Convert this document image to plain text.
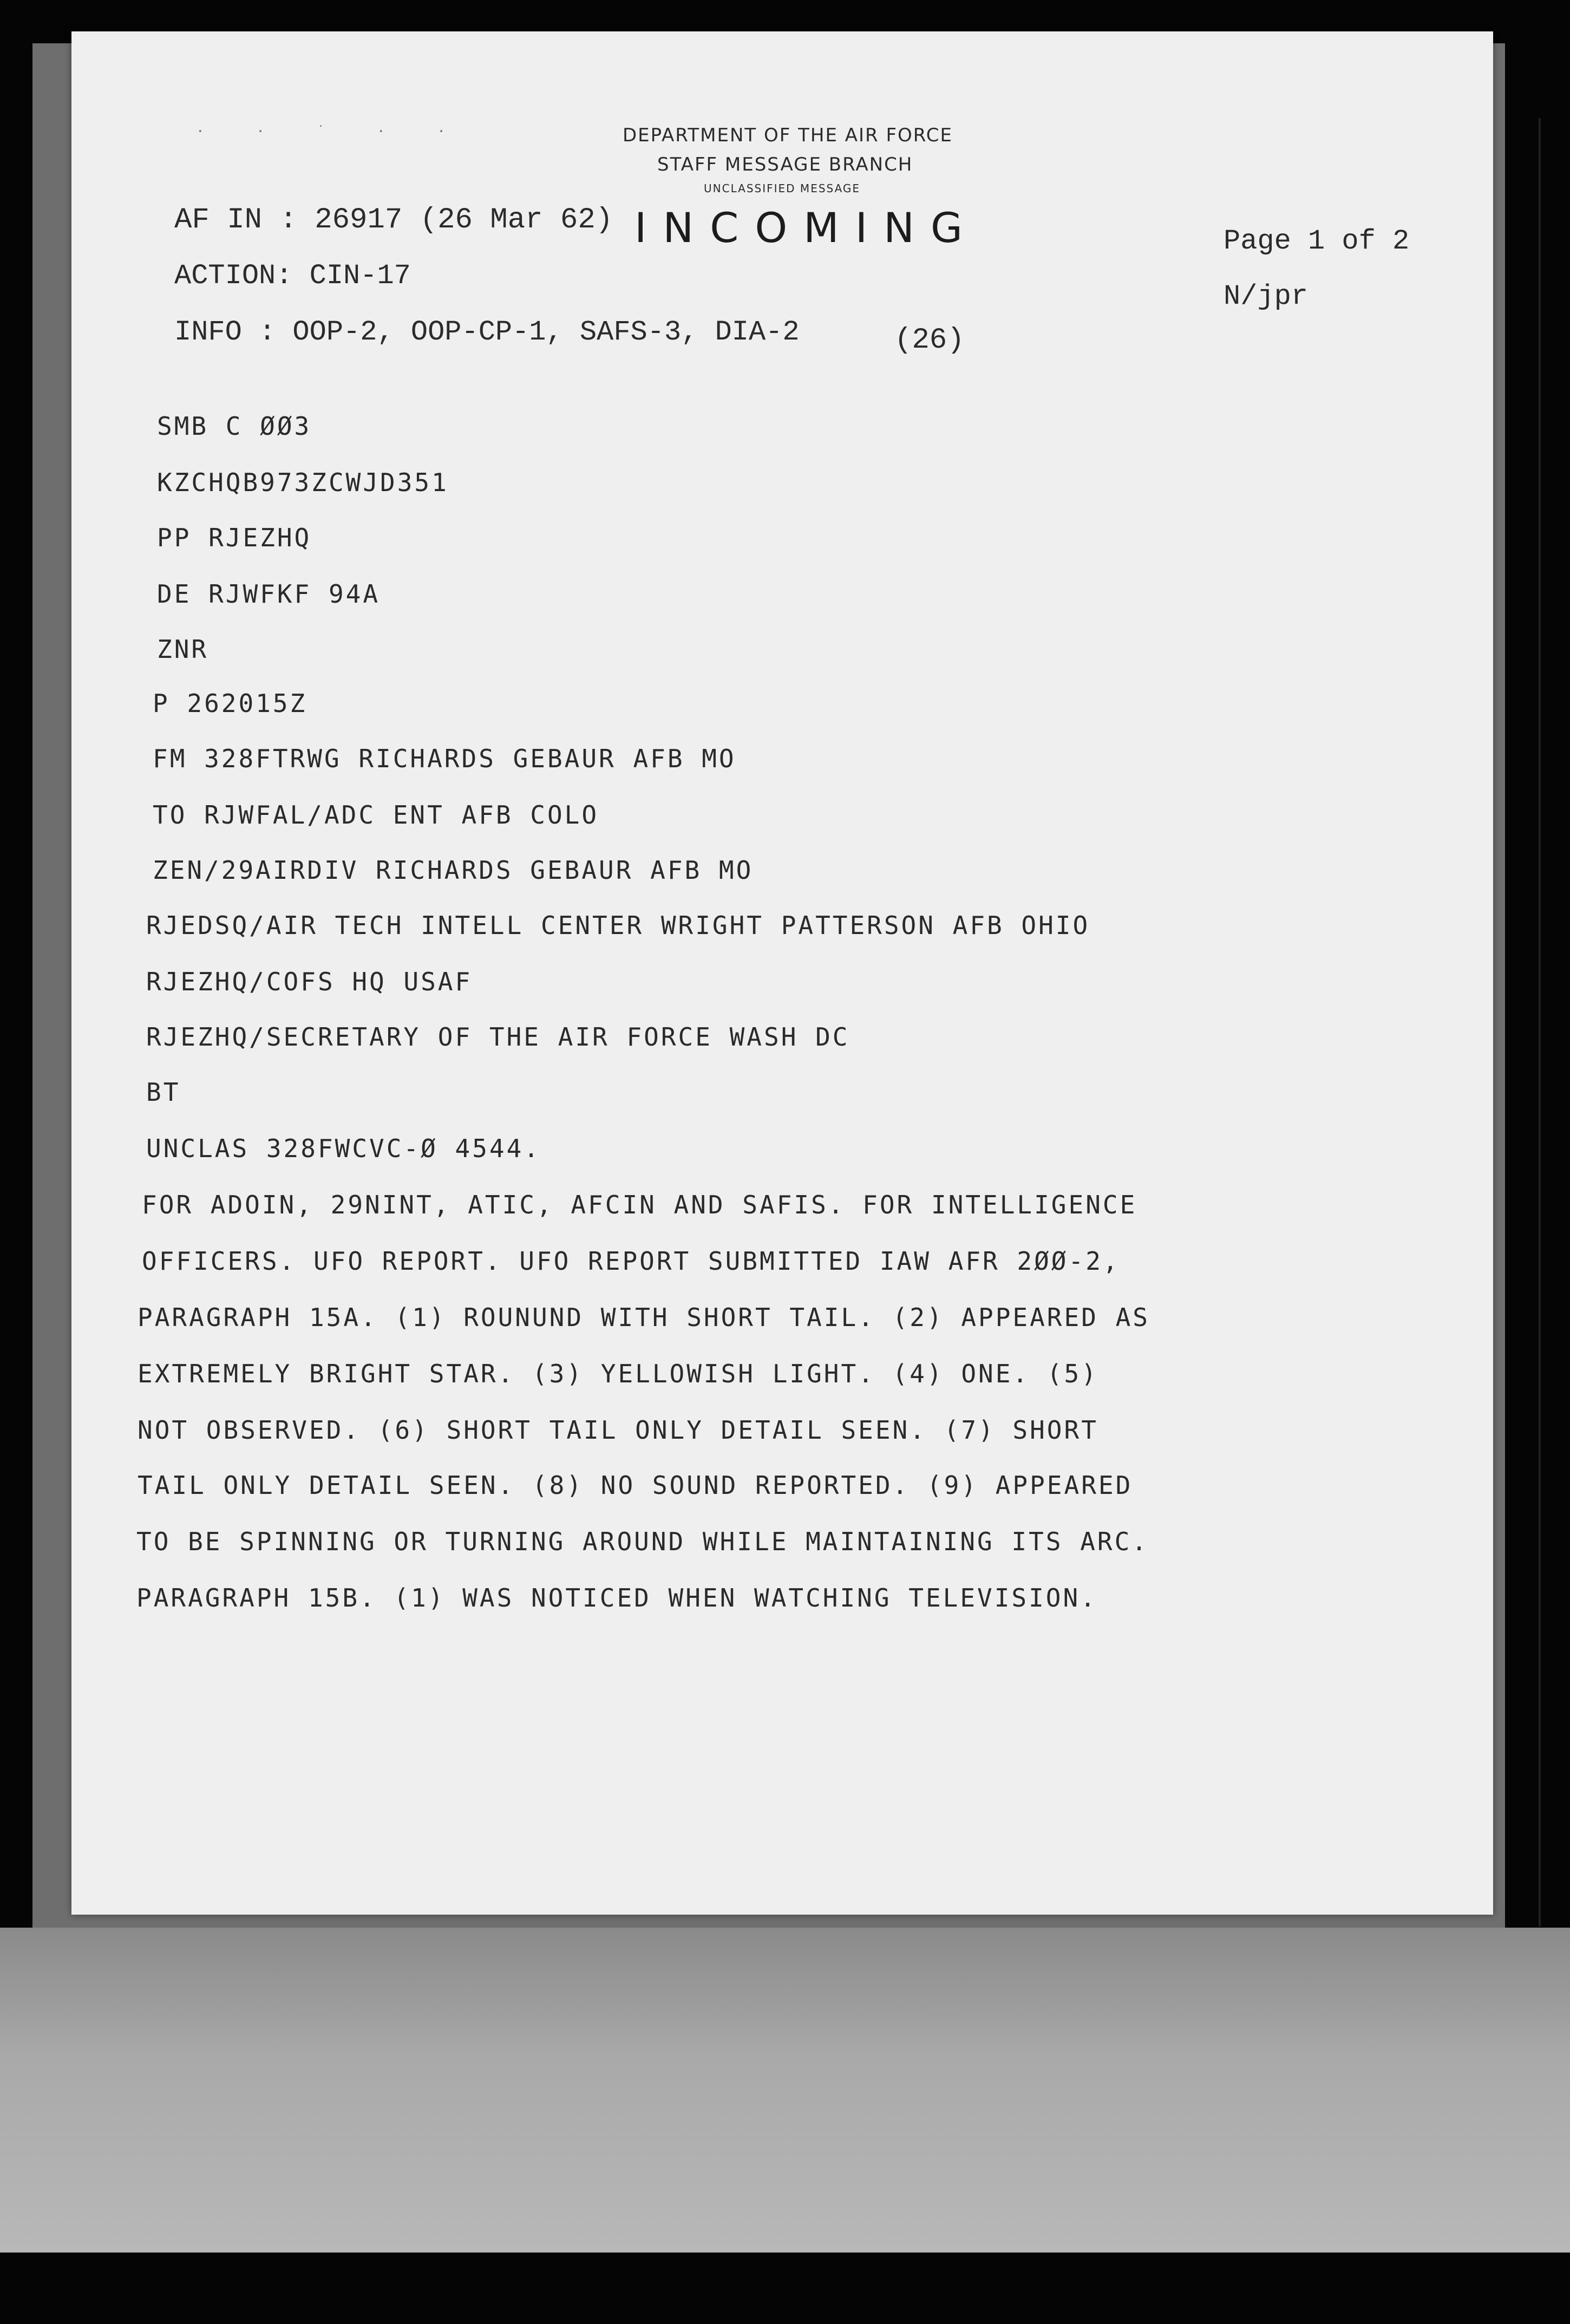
· · ˙ · ·	DEPARTMENT OF THE AIR FORCE
STAFF MESSAGE BRANCH
UNCLASSIFIED MESSAGE
INCOMING
AF IN : 26917 (26 Mar 62)
ACTION: CIN-17
INFO : OOP-2, OOP-CP-1, SAFS-3, DIA-2	(26)
Page 1 of 2
N/jpr
SMB C ØØ3
KZCHQB973ZCWJD351
PP RJEZHQ
DE RJWFKF 94A
ZNR
P 262015Z
FM 328FTRWG RICHARDS GEBAUR AFB MO
TO RJWFAL/ADC ENT AFB COLO
ZEN/29AIRDIV RICHARDS GEBAUR AFB MO
RJEDSQ/AIR TECH INTELL CENTER WRIGHT PATTERSON AFB OHIO
RJEZHQ/COFS HQ USAF
RJEZHQ/SECRETARY OF THE AIR FORCE WASH DC
BT
UNCLAS 328FWCVC-Ø 4544.
FOR ADOIN, 29NINT, ATIC, AFCIN AND SAFIS. FOR INTELLIGENCE
OFFICERS. UFO REPORT. UFO REPORT SUBMITTED IAW AFR 2ØØ-2,
PARAGRAPH 15A. (1) ROUNUND WITH SHORT TAIL. (2) APPEARED AS
EXTREMELY BRIGHT STAR. (3) YELLOWISH LIGHT. (4) ONE. (5)
NOT OBSERVED. (6) SHORT TAIL ONLY DETAIL SEEN. (7) SHORT
TAIL ONLY DETAIL SEEN. (8) NO SOUND REPORTED. (9) APPEARED
TO BE SPINNING OR TURNING AROUND WHILE MAINTAINING ITS ARC.
PARAGRAPH 15B. (1) WAS NOTICED WHEN WATCHING TELEVISION.
